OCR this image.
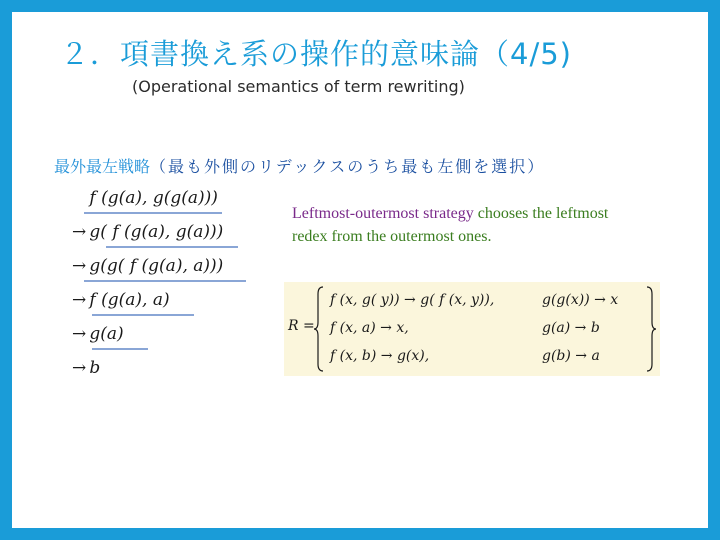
２．項書換え系の操作的意味論（4/5)
(Operational semantics of term rewriting)
最外最左戦略（最も外側のリデックスのうち最も左側を選択）
f (g(a), g(g(a)))
→ g( f (g(a), g(a)))
→ g(g( f (g(a), a)))
→ f (g(a), a)
→ g(a)
→ b
Leftmost-outermost strategy chooses the leftmost
redex from the outermost ones.
R =
f (x, g( y)) → g( f (x, y)),	g(g(x)) → x
f (x, a) → x,	g(a) → b
f (x, b) → g(x),	g(b) → a
